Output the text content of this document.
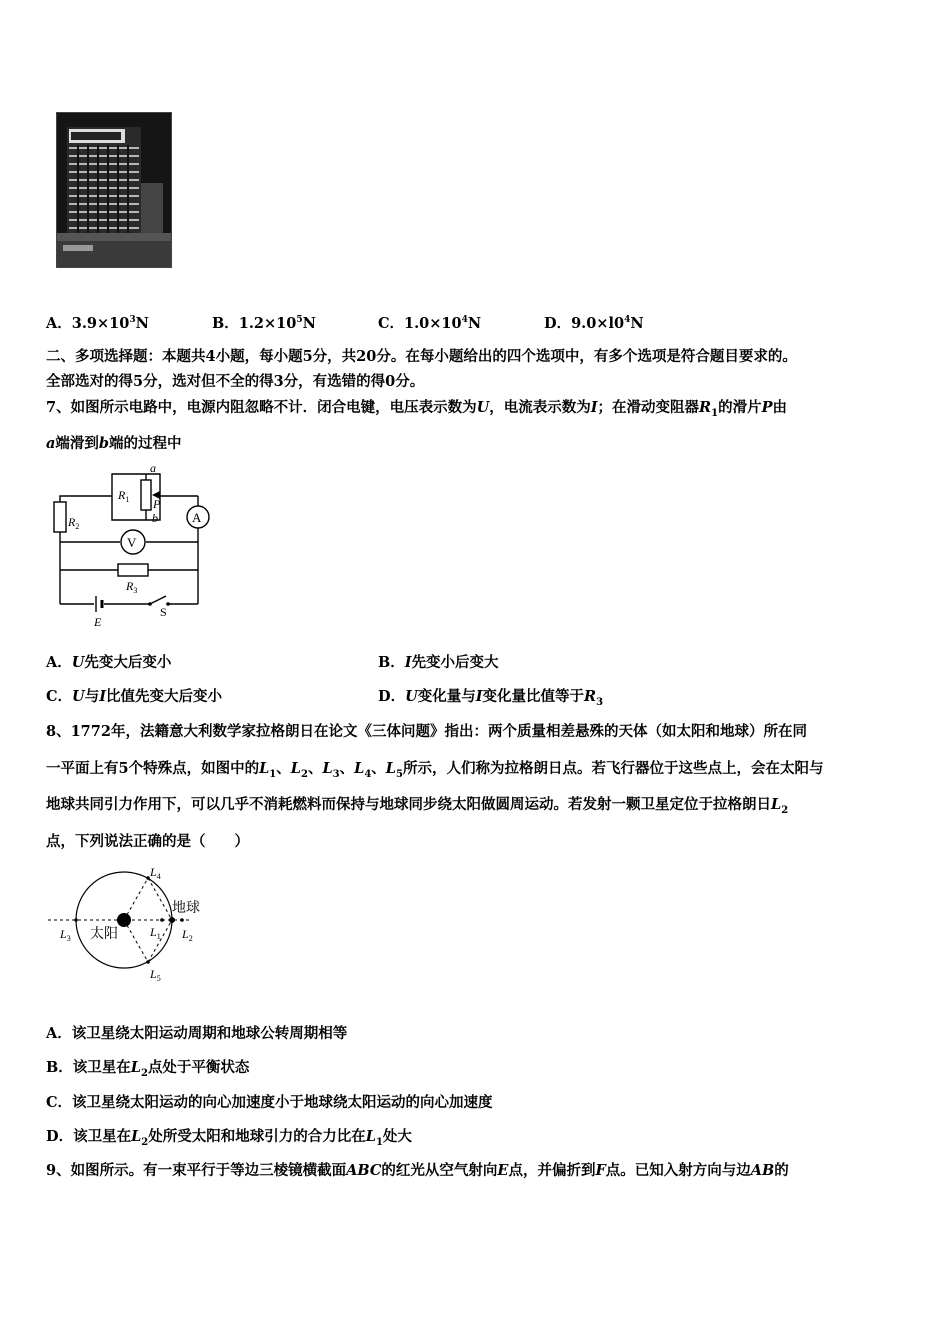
A．$3.9\times 10^3N$	B．$1.2\times 10^5N$	C．$1.0\times 10^4N$	D．$9.0\times l0^4N$
二、多项选择题：本题共4小题，每小题5分，共20分。在每小题给出的四个选项中，有多个选项是符合题目要求的。
全部选对的得5分，选对但不全的得3分，有选错的得0分。
7、如图所示电路中，电源内阻忽略不计．闭合电键，电压表示数为U，电流表示数为I；在滑动变阻器$R_1$的滑片P由
a端滑到b端的过程中
A
V
$R_1$
$R_2$
$R_3$
a
b
P
E
S
A．U先变大后变小	B．I先变小后变大
C．U与I比值先变大后变小	D．U变化量与I变化量比值等于$R_3$
8、1772年，法籍意大利数学家拉格朗日在论文《三体问题》指出：两个质量相差悬殊的天体（如太阳和地球）所在同
一平面上有5个特殊点，如图中的$L_1$、$L_2$、$L_3$、$L_4$、$L_5$所示，人们称为拉格朗日点。若飞行器位于这些点上，会在太阳与
地球共同引力作用下，可以几乎不消耗燃料而保持与地球同步绕太阳做圆周运动。若发射一颗卫星定位于拉格朗日$L_2$
点，下列说法正确的是（　　）
太阳
地球
$L_3$	$L_1$ $L_2$
$L_4$
$L_5$
A．该卫星绕太阳运动周期和地球公转周期相等
B．该卫星在$L_2$点处于平衡状态
C．该卫星绕太阳运动的向心加速度小于地球绕太阳运动的向心加速度
D．该卫星在$L_2$处所受太阳和地球引力的合力比在$L_1$处大
9、如图所示。有一束平行于等边三棱镜横截面ABC的红光从空气射向E点，并偏折到F点。已知入射方向与边AB的
